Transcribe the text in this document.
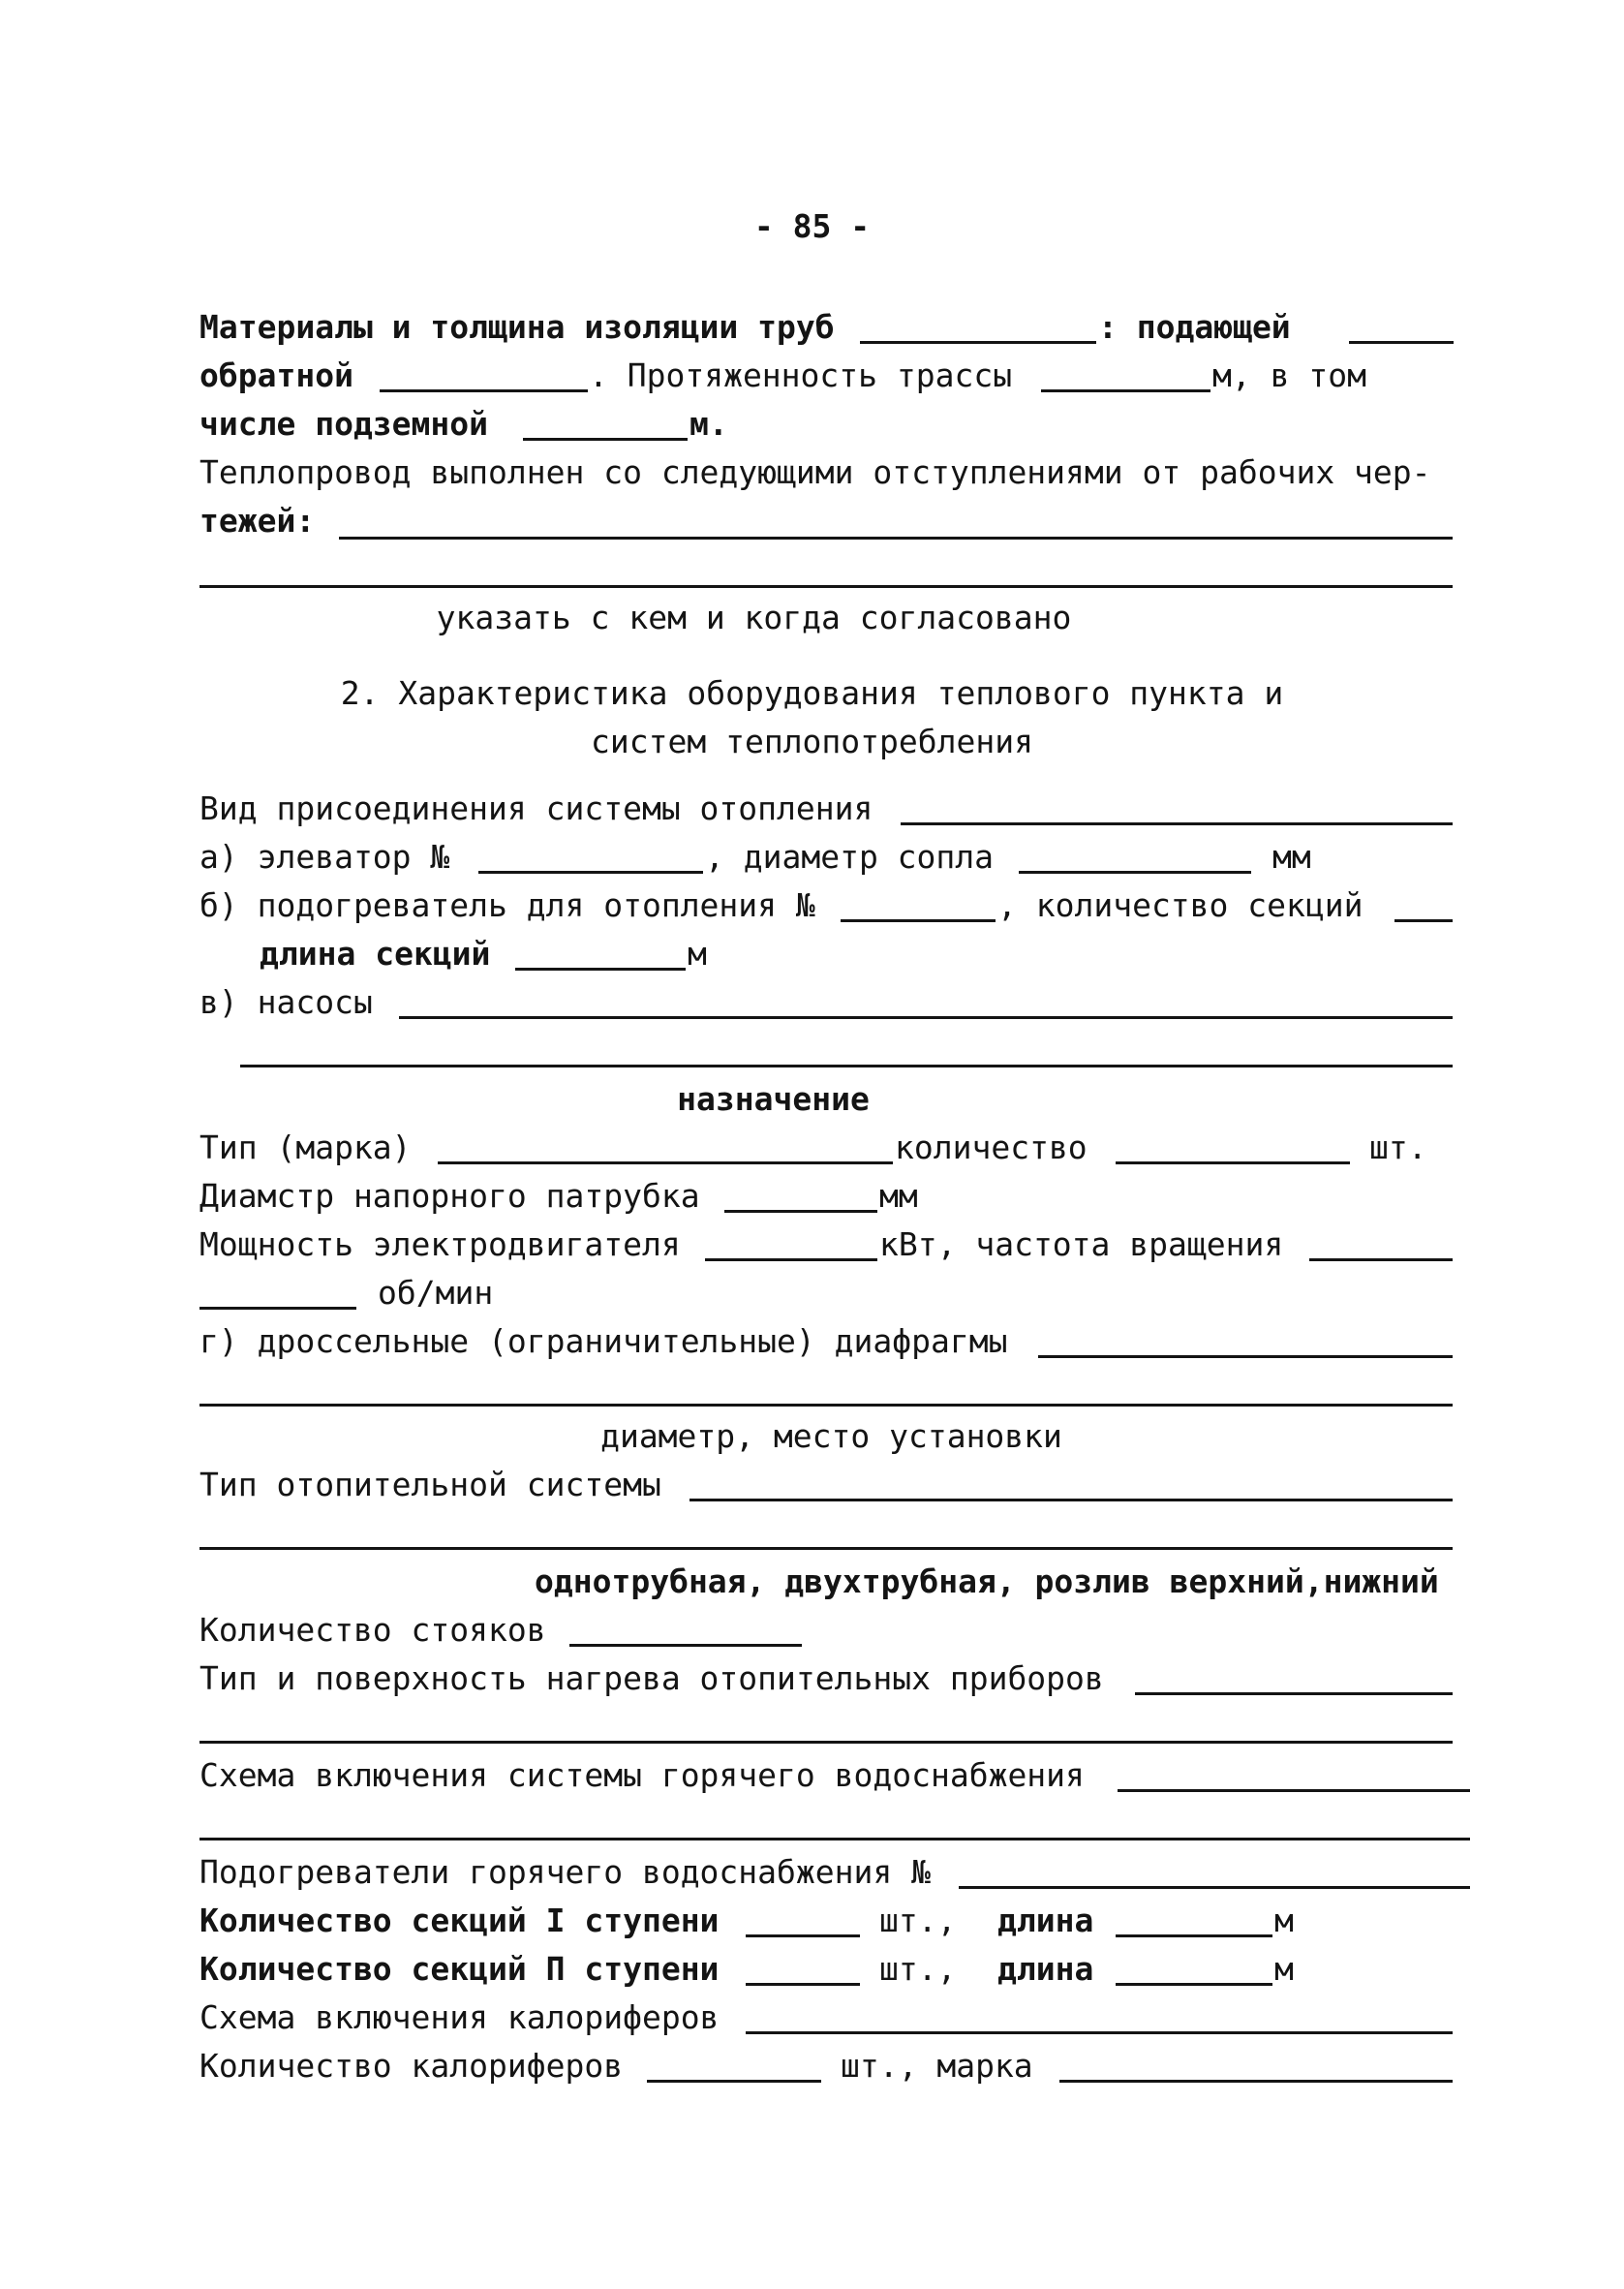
- 85 -
Материалы и толщина изоляции труб	: подающей
обратной	. Протяженность трассы	м, в том
числе подземной	м.
Теплопровод выполнен со следующими отступлениями от рабочих чер-
тежей:
указать с кем и когда согласовано
2. Характеристика оборудования теплового пункта и
систем теплопотребления
Вид присоединения системы отопления
а) элеватор №	, диаметр сопла	мм
б) подогреватель для отопления №	, количество секций
длина секций	м
в) насосы
назначение
Тип (марка)	количество	шт.
Диамстр напорного патрубка	мм
Мощность электродвигателя	кВт, частота вращения
об/мин
г) дроссельные (ограничительные) диафрагмы
диаметр, место установки
Тип отопительной системы
однотрубная, двухтрубная, розлив верхний,нижний
Количество стояков
Тип и поверхность нагрева отопительных приборов
Схема включения системы горячего водоснабжения
Подогреватели горячего водоснабжения №
Количество секций I ступени	шт., длина	м
Количество секций П ступени	шт., длина	м
Схема включения калориферов
Количество калориферов	шт., марка
